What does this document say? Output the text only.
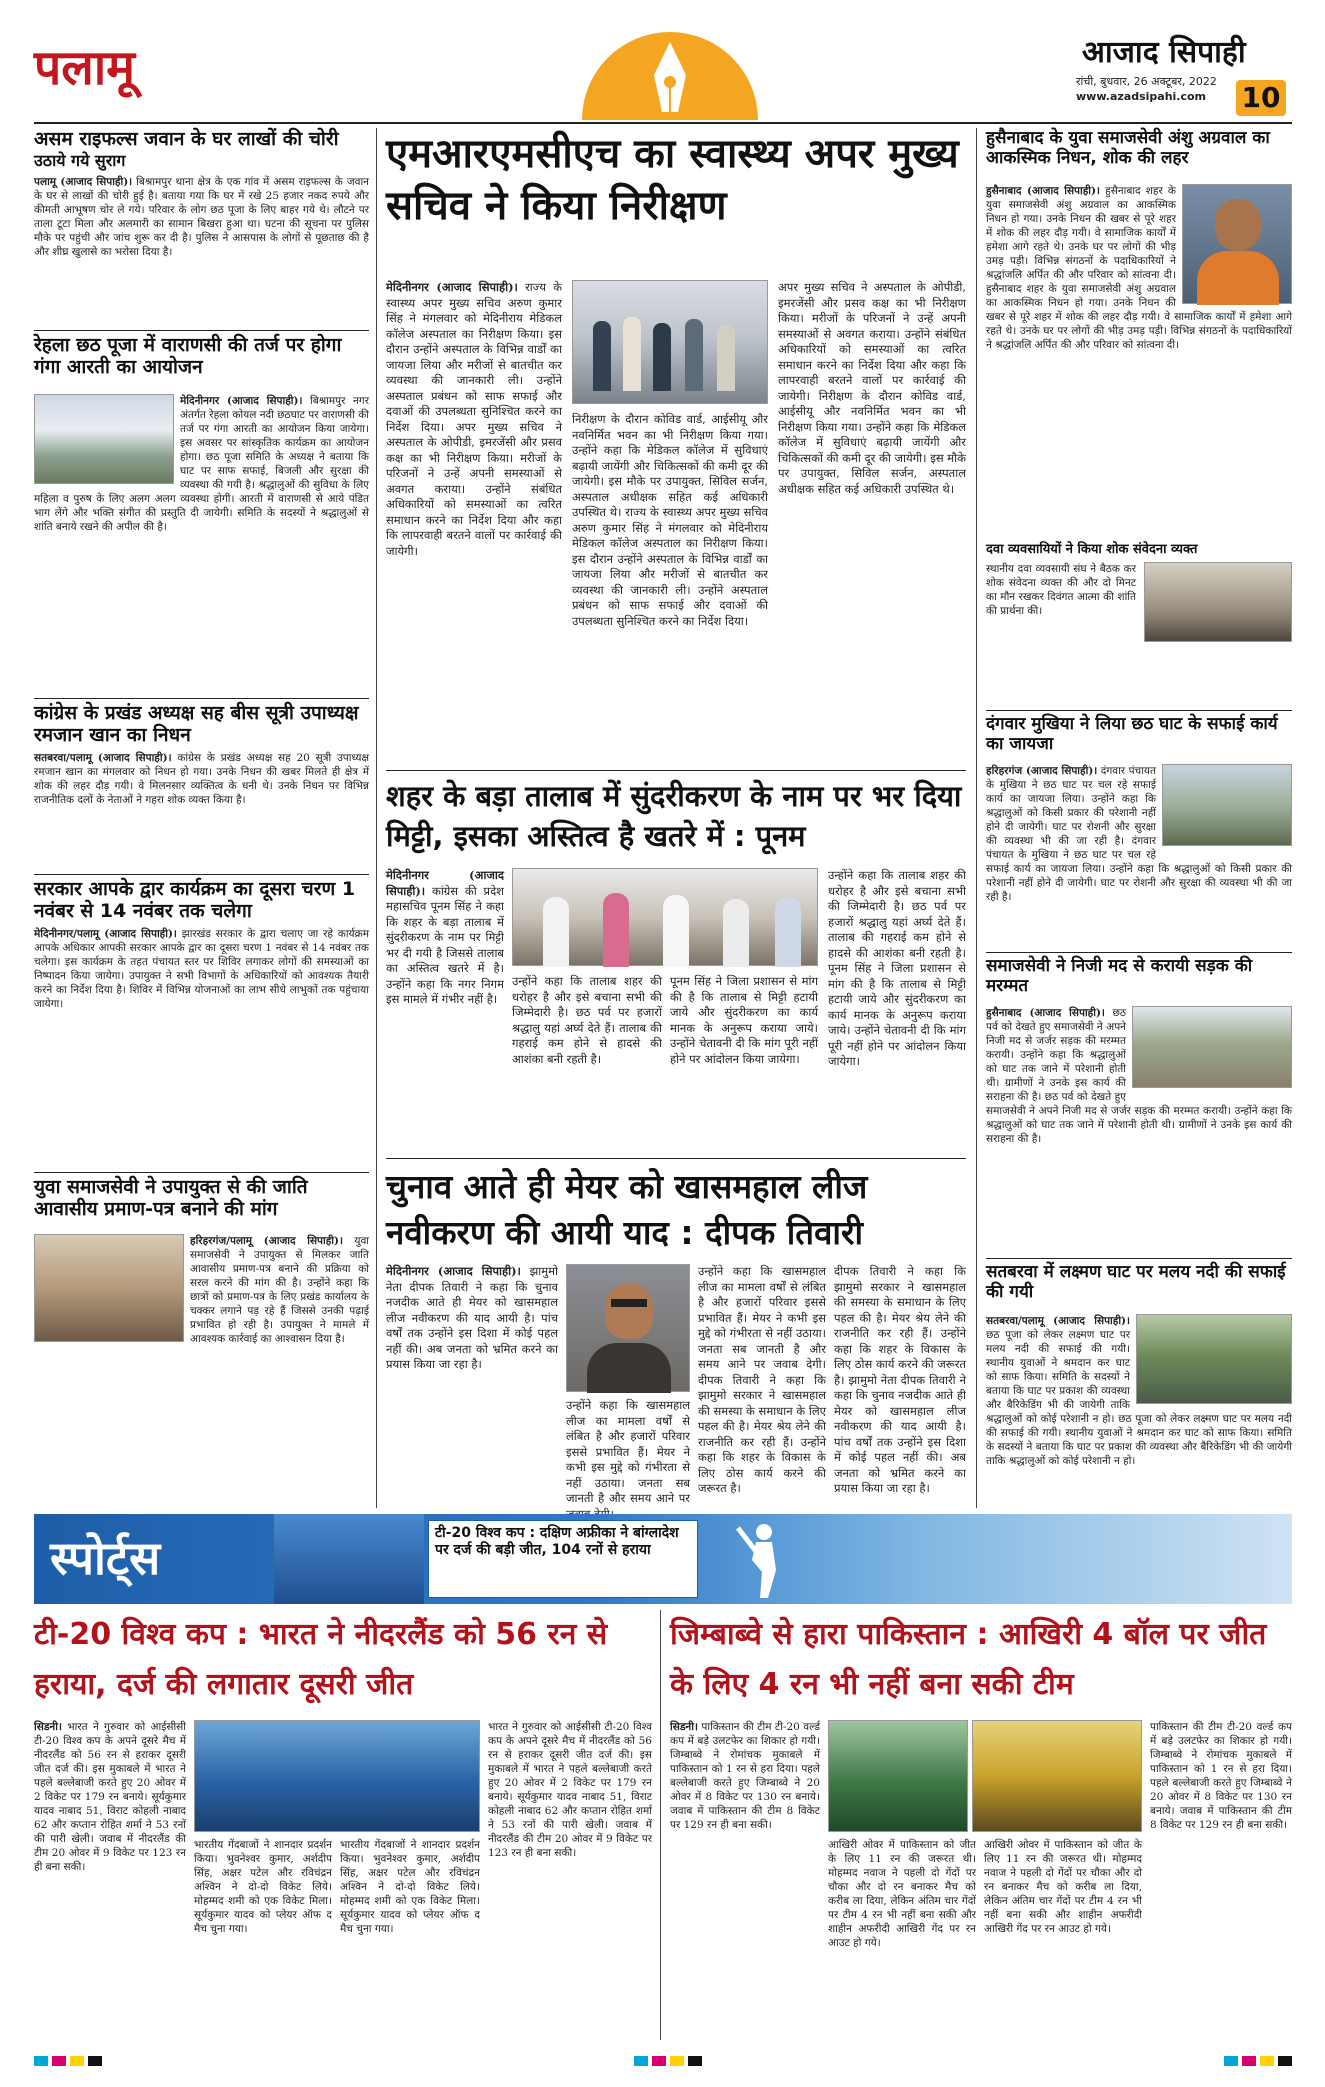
पलामू	आजाद सिपाही
रांची, बुधवार, 26 अक्टूबर, 2022
www.azadsipahi.com 10
असम राइफल्स जवान के घर लाखों की चोरी
उठाये गये सुराग
पलामू (आजाद सिपाही)। बिश्रामपुर थाना क्षेत्र के एक गांव में असम राइफल्स के जवान के घर से लाखों की चोरी हुई है। बताया गया कि घर में रखे 25 हजार नकद रुपये और कीमती आभूषण चोर ले गये। परिवार के लोग छठ पूजा के लिए बाहर गये थे। लौटने पर ताला टूटा मिला और अलमारी का सामान बिखरा हुआ था। घटना की सूचना पर पुलिस मौके पर पहुंची और जांच शुरू कर दी है। पुलिस ने आसपास के लोगों से पूछताछ की है और शीघ्र खुलासे का भरोसा दिया है।
रेहला छठ पूजा में वाराणसी की तर्ज पर होगा गंगा आरती का आयोजन
मेदिनीनगर (आजाद सिपाही)। बिश्रामपुर नगर अंतर्गत रेहला कोयल नदी छठघाट पर वाराणसी की तर्ज पर गंगा आरती का आयोजन किया जायेगा। इस अवसर पर सांस्कृतिक कार्यक्रम का आयोजन होगा। छठ पूजा समिति के अध्यक्ष ने बताया कि घाट पर साफ सफाई, बिजली और सुरक्षा की व्यवस्था की गयी है। श्रद्धालुओं की सुविधा के लिए महिला व पुरुष के लिए अलग अलग व्यवस्था होगी। आरती में वाराणसी से आये पंडित भाग लेंगे और भक्ति संगीत की प्रस्तुति दी जायेगी। समिति के सदस्यों ने श्रद्धालुओं से शांति बनाये रखने की अपील की है।
कांग्रेस के प्रखंड अध्यक्ष सह बीस सूत्री उपाध्यक्ष रमजान खान का निधन
सतबरवा/पलामू (आजाद सिपाही)। कांग्रेस के प्रखंड अध्यक्ष सह 20 सूत्री उपाध्यक्ष रमजान खान का मंगलवार को निधन हो गया। उनके निधन की खबर मिलते ही क्षेत्र में शोक की लहर दौड़ गयी। वे मिलनसार व्यक्तित्व के धनी थे। उनके निधन पर विभिन्न राजनीतिक दलों के नेताओं ने गहरा शोक व्यक्त किया है।
सरकार आपके द्वार कार्यक्रम का दूसरा चरण 1 नवंबर से 14 नवंबर तक चलेगा
मेदिनीनगर/पलामू (आजाद सिपाही)। झारखंड सरकार के द्वारा चलाए जा रहे कार्यक्रम आपके अधिकार आपकी सरकार आपके द्वार का दूसरा चरण 1 नवंबर से 14 नवंबर तक चलेगा। इस कार्यक्रम के तहत पंचायत स्तर पर शिविर लगाकर लोगों की समस्याओं का निष्पादन किया जायेगा। उपायुक्त ने सभी विभागों के अधिकारियों को आवश्यक तैयारी करने का निर्देश दिया है। शिविर में विभिन्न योजनाओं का लाभ सीधे लाभुकों तक पहुंचाया जायेगा।
युवा समाजसेवी ने उपायुक्त से की जाति आवासीय प्रमाण-पत्र बनाने की मांग
हरिहरगंज/पलामू (आजाद सिपाही)। युवा समाजसेवी ने उपायुक्त से मिलकर जाति आवासीय प्रमाण-पत्र बनाने की प्रक्रिया को सरल करने की मांग की है। उन्होंने कहा कि छात्रों को प्रमाण-पत्र के लिए प्रखंड कार्यालय के चक्कर लगाने पड़ रहे हैं जिससे उनकी पढ़ाई प्रभावित हो रही है। उपायुक्त ने मामले में आवश्यक कार्रवाई का आश्वासन दिया है।
एमआरएमसीएच का स्वास्थ्य अपर मुख्य सचिव ने किया निरीक्षण
मेदिनीनगर (आजाद सिपाही)। राज्य के स्वास्थ्य अपर मुख्य सचिव अरुण कुमार सिंह ने मंगलवार को मेदिनीराय मेडिकल कॉलेज अस्पताल का निरीक्षण किया। इस दौरान उन्होंने अस्पताल के विभिन्न वार्डों का जायजा लिया और मरीजों से बातचीत कर व्यवस्था की जानकारी ली। उन्होंने अस्पताल प्रबंधन को साफ सफाई और दवाओं की उपलब्धता सुनिश्चित करने का निर्देश दिया। अपर मुख्य सचिव ने अस्पताल के ओपीडी, इमरजेंसी और प्रसव कक्ष का भी निरीक्षण किया। मरीजों के परिजनों ने उन्हें अपनी समस्याओं से अवगत कराया। उन्होंने संबंधित अधिकारियों को समस्याओं का त्वरित समाधान करने का निर्देश दिया और कहा कि लापरवाही बरतने वालों पर कार्रवाई की जायेगी।
निरीक्षण के दौरान कोविड वार्ड, आईसीयू और नवनिर्मित भवन का भी निरीक्षण किया गया। उन्होंने कहा कि मेडिकल कॉलेज में सुविधाएं बढ़ायी जायेंगी और चिकित्सकों की कमी दूर की जायेगी। इस मौके पर उपायुक्त, सिविल सर्जन, अस्पताल अधीक्षक सहित कई अधिकारी उपस्थित थे। राज्य के स्वास्थ्य अपर मुख्य सचिव अरुण कुमार सिंह ने मंगलवार को मेदिनीराय मेडिकल कॉलेज अस्पताल का निरीक्षण किया। इस दौरान उन्होंने अस्पताल के विभिन्न वार्डों का जायजा लिया और मरीजों से बातचीत कर व्यवस्था की जानकारी ली। उन्होंने अस्पताल प्रबंधन को साफ सफाई और दवाओं की उपलब्धता सुनिश्चित करने का निर्देश दिया।
अपर मुख्य सचिव ने अस्पताल के ओपीडी, इमरजेंसी और प्रसव कक्ष का भी निरीक्षण किया। मरीजों के परिजनों ने उन्हें अपनी समस्याओं से अवगत कराया। उन्होंने संबंधित अधिकारियों को समस्याओं का त्वरित समाधान करने का निर्देश दिया और कहा कि लापरवाही बरतने वालों पर कार्रवाई की जायेगी। निरीक्षण के दौरान कोविड वार्ड, आईसीयू और नवनिर्मित भवन का भी निरीक्षण किया गया। उन्होंने कहा कि मेडिकल कॉलेज में सुविधाएं बढ़ायी जायेंगी और चिकित्सकों की कमी दूर की जायेगी। इस मौके पर उपायुक्त, सिविल सर्जन, अस्पताल अधीक्षक सहित कई अधिकारी उपस्थित थे।
शहर के बड़ा तालाब में सुंदरीकरण के नाम पर भर दिया मिट्टी, इसका अस्तित्व है खतरे में : पूनम
मेदिनीनगर (आजाद सिपाही)। कांग्रेस की प्रदेश महासचिव पूनम सिंह ने कहा कि शहर के बड़ा तालाब में सुंदरीकरण के नाम पर मिट्टी भर दी गयी है जिससे तालाब का अस्तित्व खतरे में है। उन्होंने कहा कि नगर निगम इस मामले में गंभीर नहीं है।
उन्होंने कहा कि तालाब शहर की धरोहर है और इसे बचाना सभी की जिम्मेदारी है। छठ पर्व पर हजारों श्रद्धालु यहां अर्घ्य देते हैं। तालाब की गहराई कम होने से हादसे की आशंका बनी रहती है।
पूनम सिंह ने जिला प्रशासन से मांग की है कि तालाब से मिट्टी हटायी जाये और सुंदरीकरण का कार्य मानक के अनुरूप कराया जाये। उन्होंने चेतावनी दी कि मांग पूरी नहीं होने पर आंदोलन किया जायेगा।
उन्होंने कहा कि तालाब शहर की धरोहर है और इसे बचाना सभी की जिम्मेदारी है। छठ पर्व पर हजारों श्रद्धालु यहां अर्घ्य देते हैं। तालाब की गहराई कम होने से हादसे की आशंका बनी रहती है। पूनम सिंह ने जिला प्रशासन से मांग की है कि तालाब से मिट्टी हटायी जाये और सुंदरीकरण का कार्य मानक के अनुरूप कराया जाये। उन्होंने चेतावनी दी कि मांग पूरी नहीं होने पर आंदोलन किया जायेगा।
चुनाव आते ही मेयर को खासमहाल लीज नवीकरण की आयी याद : दीपक तिवारी
मेदिनीनगर (आजाद सिपाही)। झामुमो नेता दीपक तिवारी ने कहा कि चुनाव नजदीक आते ही मेयर को खासमहाल लीज नवीकरण की याद आयी है। पांच वर्षों तक उन्होंने इस दिशा में कोई पहल नहीं की। अब जनता को भ्रमित करने का प्रयास किया जा रहा है।
उन्होंने कहा कि खासमहाल लीज का मामला वर्षों से लंबित है और हजारों परिवार इससे प्रभावित हैं। मेयर ने कभी इस मुद्दे को गंभीरता से नहीं उठाया। जनता सब जानती है और समय आने पर
उन्होंने कहा कि खासमहाल लीज का मामला वर्षों से लंबित है और हजारों परिवार इससे प्रभावित हैं। मेयर ने कभी इस मुद्दे को गंभीरता से नहीं उठाया। जनता सब जानती है और समय आने पर जवाब देगी। दीपक तिवारी ने कहा कि झामुमो सरकार ने खासमहाल की समस्या के समाधान के लिए पहल की है। मेयर श्रेय लेने की राजनीति कर रही हैं। उन्होंने कहा कि शहर के विकास के लिए ठोस कार्य करने की जरूरत है।
दीपक तिवारी ने कहा कि झामुमो सरकार ने खासमहाल की समस्या के समाधान के लिए पहल की है। मेयर श्रेय लेने की राजनीति कर रही हैं। उन्होंने कहा कि शहर के विकास के लिए ठोस कार्य करने की जरूरत है। झामुमो नेता दीपक तिवारी ने कहा कि चुनाव नजदीक आते ही मेयर को खासमहाल लीज नवीकरण की याद आयी है। पांच वर्षों तक उन्होंने इस दिशा में कोई पहल नहीं की। अब जनता को भ्रमित करने का प्रयास किया जा रहा है।
हुसैनाबाद के युवा समाजसेवी अंशु अग्रवाल का आकस्मिक निधन, शोक की लहर
हुसैनाबाद (आजाद सिपाही)। हुसैनाबाद शहर के युवा समाजसेवी अंशु अग्रवाल का आकस्मिक निधन हो गया। उनके निधन की खबर से पूरे शहर में शोक की लहर दौड़ गयी। वे सामाजिक कार्यों में हमेशा आगे रहते थे। उनके घर पर लोगों की भीड़ उमड़ पड़ी। विभिन्न संगठनों के पदाधिकारियों ने श्रद्धांजलि अर्पित की और परिवार को सांत्वना दी। हुसैनाबाद शहर के युवा समाजसेवी अंशु अग्रवाल का आकस्मिक निधन हो गया। उनके निधन की खबर से पूरे शहर में शोक की लहर दौड़ गयी। वे सामाजिक कार्यों में हमेशा आगे रहते थे। उनके घर पर लोगों की भीड़ उमड़ पड़ी। विभिन्न संगठनों के पदाधिकारियों ने श्रद्धांजलि अर्पित की और परिवार को सांत्वना दी।
दवा व्यवसायियों ने किया शोक संवेदना व्यक्त
स्थानीय दवा व्यवसायी संघ ने बैठक कर शोक संवेदना व्यक्त की और दो मिनट का मौन रखकर दिवंगत आत्मा की शांति की प्रार्थना की।
दंगवार मुखिया ने लिया छठ घाट के सफाई कार्य का जायजा
हरिहरगंज (आजाद सिपाही)। दंगवार पंचायत के मुखिया ने छठ घाट पर चल रहे सफाई कार्य का जायजा लिया। उन्होंने कहा कि श्रद्धालुओं को किसी प्रकार की परेशानी नहीं होने दी जायेगी। घाट पर रोशनी और सुरक्षा की व्यवस्था भी की जा रही है। दंगवार पंचायत के मुखिया ने छठ घाट पर चल रहे सफाई कार्य का जायजा लिया। उन्होंने कहा कि श्रद्धालुओं को किसी प्रकार की परेशानी नहीं होने दी जायेगी। घाट पर रोशनी और सुरक्षा की व्यवस्था भी की जा रही है।
समाजसेवी ने निजी मद से करायी सड़क की मरम्मत
हुसैनाबाद (आजाद सिपाही)। छठ पर्व को देखते हुए समाजसेवी ने अपने निजी मद से जर्जर सड़क की मरम्मत करायी। उन्होंने कहा कि श्रद्धालुओं को घाट तक जाने में परेशानी होती थी। ग्रामीणों ने उनके इस कार्य की सराहना की है। छठ पर्व को देखते हुए समाजसेवी ने अपने निजी मद से जर्जर सड़क की मरम्मत करायी। उन्होंने कहा कि श्रद्धालुओं को घाट तक जाने में परेशानी होती थी। ग्रामीणों ने उनके इस कार्य की सराहना की है।
सतबरवा में लक्ष्मण घाट पर मलय नदी की सफाई की गयी
सतबरवा/पलामू (आजाद सिपाही)। छठ पूजा को लेकर लक्ष्मण घाट पर मलय नदी की सफाई की गयी। स्थानीय युवाओं ने श्रमदान कर घाट को साफ किया। समिति के सदस्यों ने बताया कि घाट पर प्रकाश की व्यवस्था और बैरिकेडिंग भी की जायेगी ताकि श्रद्धालुओं को कोई परेशानी न हो। छठ पूजा को लेकर लक्ष्मण घाट पर मलय नदी की सफाई की गयी। स्थानीय युवाओं ने श्रमदान कर घाट को साफ किया। समिति के सदस्यों ने बताया कि घाट पर प्रकाश की व्यवस्था और बैरिकेडिंग भी की जायेगी ताकि श्रद्धालुओं को कोई परेशानी न हो।
स्पोर्ट्स	टी-20 विश्व कप : दक्षिण अफ्रीका ने बांग्लादेश पर दर्ज की बड़ी जीत, 104 रनों से हराया
टी-20 विश्व कप : भारत ने नीदरलैंड को 56 रन से हराया, दर्ज की लगातार दूसरी जीत
सिडनी। भारत ने गुरुवार को आईसीसी टी-20 विश्व कप के अपने दूसरे मैच में नीदरलैंड को 56 रन से हराकर दूसरी जीत दर्ज की। इस मुकाबले में भारत ने पहले बल्लेबाजी करते हुए 20 ओवर में 2 विकेट पर 179 रन बनाये। सूर्यकुमार यादव नाबाद 51, विराट कोहली नाबाद 62 और कप्तान रोहित शर्मा ने 53 रनों की पारी खेली। जवाब में नीदरलैंड की टीम 20 ओवर में 9 विकेट पर 123 रन ही बना सकी।
भारतीय गेंदबाजों ने शानदार प्रदर्शन किया। भुवनेश्वर कुमार, अर्शदीप सिंह, अक्षर पटेल और रविचंद्रन अश्विन ने दो-दो विकेट लिये। मोहम्मद शमी को एक विकेट मिला। सूर्यकुमार यादव को प्लेयर ऑफ द मैच चुना गया।
भारतीय गेंदबाजों ने शानदार प्रदर्शन किया। भुवनेश्वर कुमार, अर्शदीप सिंह, अक्षर पटेल और रविचंद्रन अश्विन ने दो-दो विकेट लिये। मोहम्मद शमी को एक विकेट मिला। सूर्यकुमार यादव को प्लेयर ऑफ द मैच चुना गया।
भारत ने गुरुवार को आईसीसी टी-20 विश्व कप के अपने दूसरे मैच में नीदरलैंड को 56 रन से हराकर दूसरी जीत दर्ज की। इस मुकाबले में भारत ने पहले बल्लेबाजी करते हुए 20 ओवर में 2 विकेट पर 179 रन बनाये। सूर्यकुमार यादव नाबाद 51, विराट कोहली नाबाद 62 और कप्तान रोहित शर्मा ने 53 रनों की पारी खेली। जवाब में नीदरलैंड की टीम 20 ओवर में 9 विकेट पर 123 रन ही बना सकी।
जिम्बाब्वे से हारा पाकिस्तान : आखिरी 4 बॉल पर जीत के लिए 4 रन भी नहीं बना सकी टीम
सिडनी। पाकिस्तान की टीम टी-20 वर्ल्ड कप में बड़े उलटफेर का शिकार हो गयी। जिम्बाब्वे ने रोमांचक मुकाबले में पाकिस्तान को 1 रन से हरा दिया। पहले बल्लेबाजी करते हुए जिम्बाब्वे ने 20 ओवर में 8 विकेट पर 130 रन बनाये। जवाब में पाकिस्तान की टीम 8 विकेट पर 129 रन ही बना सकी।
आखिरी ओवर में पाकिस्तान को जीत के लिए 11 रन की जरूरत थी। मोहम्मद नवाज ने पहली दो गेंदों पर चौका और दो रन बनाकर मैच को करीब ला दिया, लेकिन अंतिम चार गेंदों पर टीम 4 रन भी नहीं बना सकी और शाहीन अफरीदी आखिरी गेंद पर रन आउट हो गये।
आखिरी ओवर में पाकिस्तान को जीत के लिए 11 रन की जरूरत थी। मोहम्मद नवाज ने पहली दो गेंदों पर चौका और दो रन बनाकर मैच को करीब ला दिया, लेकिन अंतिम चार गेंदों पर टीम 4 रन भी नहीं बना सकी और शाहीन अफरीदी आखिरी गेंद पर रन आउट हो गये।
पाकिस्तान की टीम टी-20 वर्ल्ड कप में बड़े उलटफेर का शिकार हो गयी। जिम्बाब्वे ने रोमांचक मुकाबले में पाकिस्तान को 1 रन से हरा दिया। पहले बल्लेबाजी करते हुए जिम्बाब्वे ने 20 ओवर में 8 विकेट पर 130 रन बनाये। जवाब में पाकिस्तान की टीम 8 विकेट पर 129 रन ही बना सकी।
